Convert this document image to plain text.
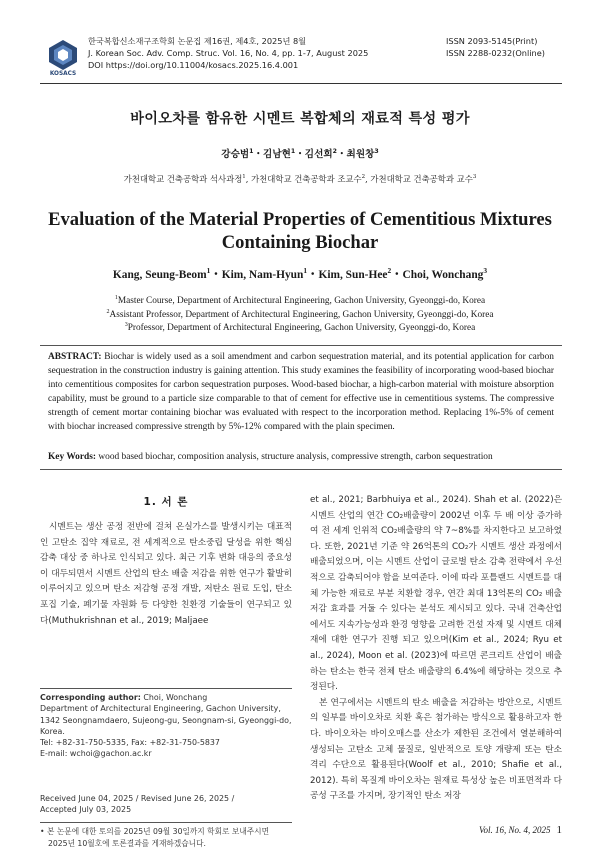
KOSACS
한국복합신소재구조학회 논문집 제16권, 제4호, 2025년 8월
J. Korean Soc. Adv. Comp. Struc. Vol. 16, No. 4, pp. 1-7, August 2025
DOI https://doi.org/10.11004/kosacs.2025.16.4.001
ISSN 2093-5145(Print)
ISSN 2288-0232(Online)
바이오차를 함유한 시멘트 복합체의 재료적 특성 평가
강승범$^1$・김남현$^1$・김선희$^2$・최원창$^3$
가천대학교 건축공학과 석사과정$^1$, 가천대학교 건축공학과 조교수$^2$, 가천대학교 건축공학과 교수$^3$
Evaluation of the Material Properties of Cementitious Mixtures
Containing Biochar
Kang, Seung-Beom$^1$・Kim, Nam-Hyun$^1$・Kim, Sun-Hee$^2$・Choi, Wonchang$^3$
$^1$Master Course, Department of Architectural Engineering, Gachon University, Gyeonggi-do, Korea
$^2$Assistant Professor, Department of Architectural Engineering, Gachon University, Gyeonggi-do, Korea
$^3$Professor, Department of Architectural Engineering, Gachon University, Gyeonggi-do, Korea
ABSTRACT: Biochar is widely used as a soil amendment and carbon sequestration material, and its potential application for carbon sequestration in the construction industry is gaining attention. This study examines the feasibility of incorporating wood-based biochar into cementitious composites for carbon sequestration purposes. Wood-based biochar, a high-carbon material with moisture absorption capability, must be ground to a particle size comparable to that of cement for effective use in cementitious systems. The compressive strength of cement mortar containing biochar was evaluated with respect to the incorporation method. Replacing 1%-5% of cement with biochar increased compressive strength by 5%-12% compared with the plain specimen.
Key Words: wood based biochar, composition analysis, structure analysis, compressive strength, carbon sequestration
1. 서 론

시멘트는 생산 공정 전반에 걸쳐 온실가스를 발생시키는 대표적인 고탄소 집약 재료로, 전 세계적으로 탄소중립 달성을 위한 핵심 감축 대상 중 하나로 인식되고 있다. 최근 기후 변화 대응의 중요성이 대두되면서 시멘트 산업의 탄소 배출 저감을 위한 연구가 활발히 이루어지고 있으며 탄소 저감형 공정 개발, 저탄소 원료 도입, 탄소 포집 기술, 폐기물 자원화 등 다양한 친환경 기술들이 연구되고 있다(Muthukrishnan et al., 2019; Maljaee

Corresponding author: Choi, Wonchang
Department of Architectural Engineering, Gachon University, 1342 Seongnamdaero, Sujeong-gu, Seongnam-si, Gyeonggi-do, Korea.
Tel: +82-31-750-5335, Fax: +82-31-750-5837
E-mail: wchoi@gachon.ac.kr
Received June 04, 2025 / Revised June 26, 2025 /
Accepted July 03, 2025
• 본 논문에 대한 토의를 2025년 09월 30일까지 학회로 보내주시면
2025년 10월호에 토론결과를 게재하겠습니다.

et al., 2021; Barbhuiya et al., 2024). Shah et al. (2022)은 시멘트 산업의 연간 CO₂배출량이 2002년 이후 두 배 이상 증가하여 전 세계 인위적 CO₂배출량의 약 7~8%를 차지한다고 보고하였다. 또한, 2021년 기준 약 26억톤의 CO₂가 시멘트 생산 과정에서 배출되었으며, 이는 시멘트 산업이 글로벌 탄소 감축 전략에서 우선적으로 감축되어야 함을 보여준다. 이에 따라 포틀랜드 시멘트를 대체 가능한 재료로 부분 치환할 경우, 연간 최대 13억톤의 CO₂ 배출 저감 효과를 거둘 수 있다는 분석도 제시되고 있다. 국내 건축산업에서도 지속가능성과 환경 영향을 고려한 건설 자재 및 시멘트 대체재에 대한 연구가 진행 되고 있으며(Kim et al., 2024; Ryu et al., 2024), Moon et al. (2023)에 따르면 콘크리트 산업이 배출하는 탄소는 한국 전체 탄소 배출량의 6.4%에 해당하는 것으로 추정된다.

본 연구에서는 시멘트의 탄소 배출을 저감하는 방안으로, 시멘트의 일부를 바이오차로 치환 혹은 첨가하는 방식으로 활용하고자 한다. 바이오차는 바이오매스를 산소가 제한된 조건에서 열분해하여 생성되는 고탄소 고체 물질로, 일반적으로 토양 개량제 또는 탄소 격리 수단으로 활용된다(Woolf et al., 2010; Shafie et al., 2012). 특히 목질계 바이오차는 원재료 특성상 높은 비표면적과 다공성 구조를 가지며, 장기적인 탄소 저장

Vol. 16, No. 4, 2025 1
